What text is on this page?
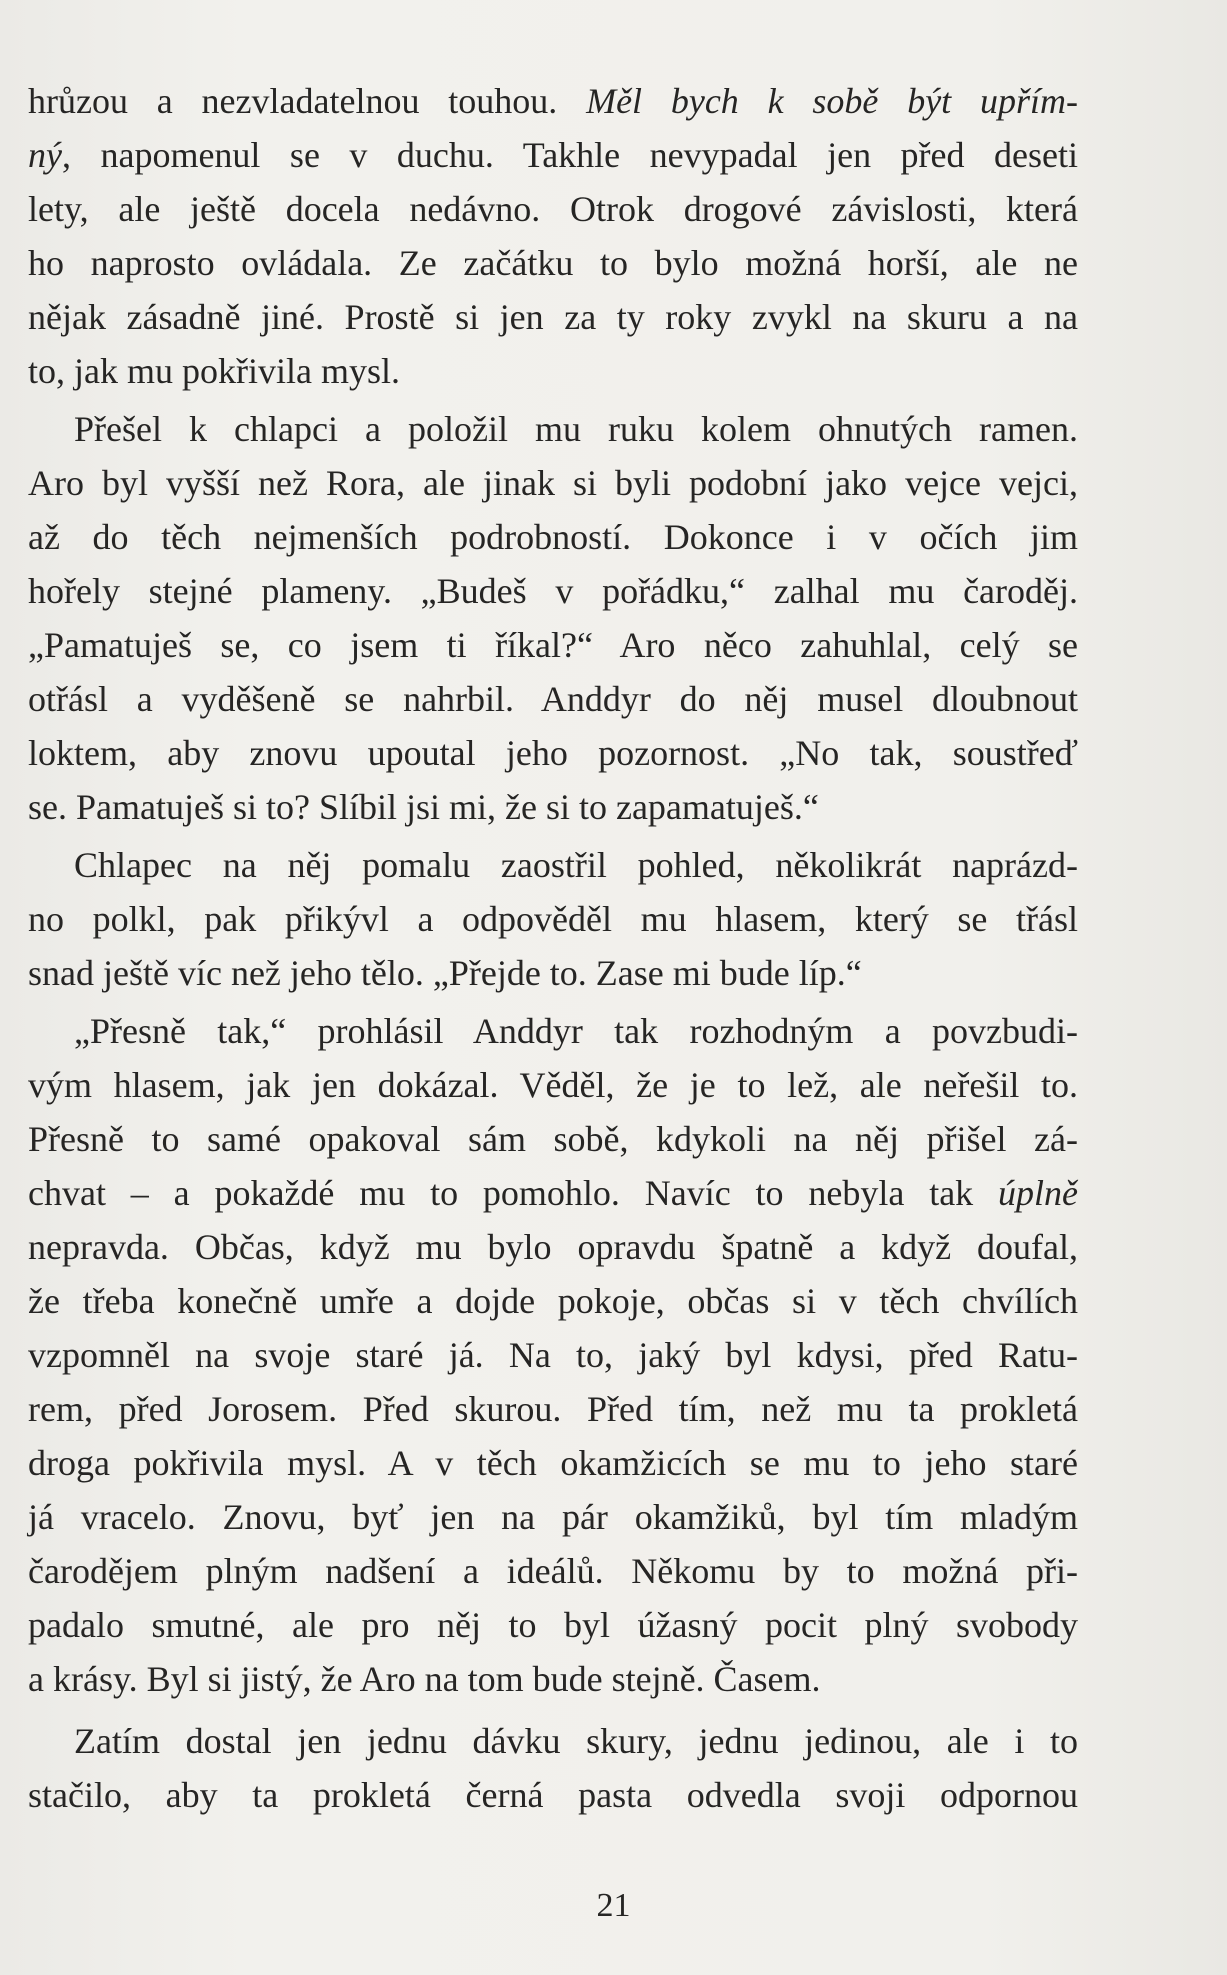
hrůzou a nezvladatelnou touhou. Měl bych k sobě být upřím-
ný, napomenul se v duchu. Takhle nevypadal jen před deseti
lety, ale ještě docela nedávno. Otrok drogové závislosti, která
ho naprosto ovládala. Ze začátku to bylo možná horší, ale ne
nějak zásadně jiné. Prostě si jen za ty roky zvykl na skuru a na
to, jak mu pokřivila mysl.
Přešel k chlapci a položil mu ruku kolem ohnutých ramen.
Aro byl vyšší než Rora, ale jinak si byli podobní jako vejce vejci,
až do těch nejmenších podrobností. Dokonce i v očích jim
hořely stejné plameny. „Budeš v pořádku,“ zalhal mu čaroděj.
„Pamatuješ se, co jsem ti říkal?“ Aro něco zahuhlal, celý se
otřásl a vyděšeně se nahrbil. Anddyr do něj musel dloubnout
loktem, aby znovu upoutal jeho pozornost. „No tak, soustřeď
se. Pamatuješ si to? Slíbil jsi mi, že si to zapamatuješ.“
Chlapec na něj pomalu zaostřil pohled, několikrát naprázd-
no polkl, pak přikývl a odpověděl mu hlasem, který se třásl
snad ještě víc než jeho tělo. „Přejde to. Zase mi bude líp.“
„Přesně tak,“ prohlásil Anddyr tak rozhodným a povzbudi-
vým hlasem, jak jen dokázal. Věděl, že je to lež, ale neřešil to.
Přesně to samé opakoval sám sobě, kdykoli na něj přišel zá-
chvat – a pokaždé mu to pomohlo. Navíc to nebyla tak úplně
nepravda. Občas, když mu bylo opravdu špatně a když doufal,
že třeba konečně umře a dojde pokoje, občas si v těch chvílích
vzpomněl na svoje staré já. Na to, jaký byl kdysi, před Ratu-
rem, před Jorosem. Před skurou. Před tím, než mu ta prokletá
droga pokřivila mysl. A v těch okamžicích se mu to jeho staré
já vracelo. Znovu, byť jen na pár okamžiků, byl tím mladým
čarodějem plným nadšení a ideálů. Někomu by to možná při-
padalo smutné, ale pro něj to byl úžasný pocit plný svobody
a krásy. Byl si jistý, že Aro na tom bude stejně. Časem.
Zatím dostal jen jednu dávku skury, jednu jedinou, ale i to
stačilo, aby ta prokletá černá pasta odvedla svoji odpornou
21
